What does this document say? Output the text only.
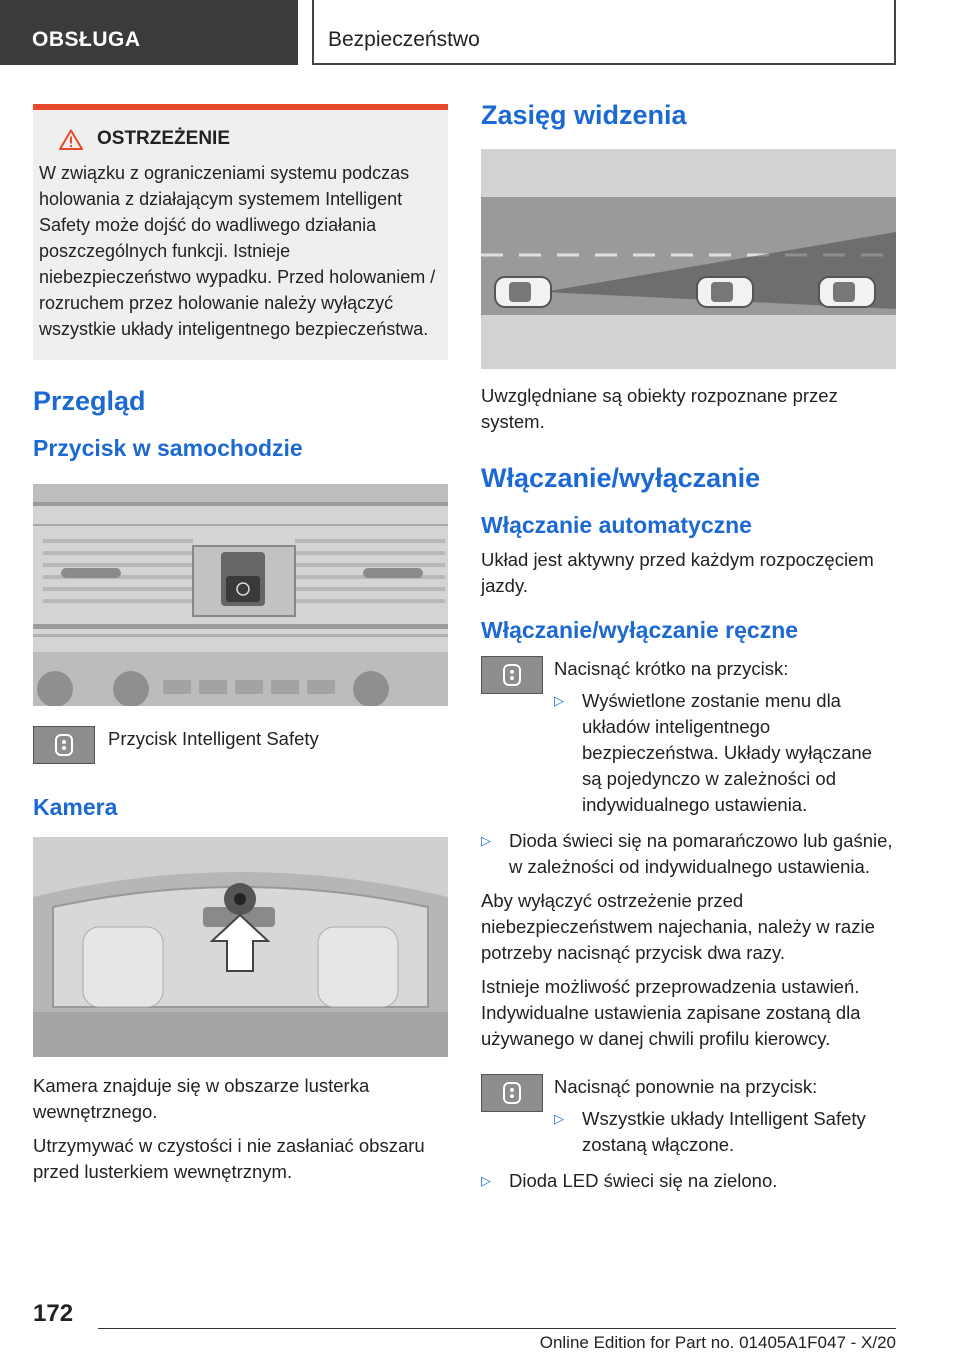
OBSŁUGA	Bezpieczeństwo
OSTRZEŻENIE

W związku z ograniczeniami systemu podczas holowania z działającym systemem Intelligent Safety może dojść do wadliwego działania poszczególnych funkcji. Istnieje niebezpieczeństwo wypadku. Przed holowaniem / rozruchem przez holowanie należy wyłączyć wszystkie układy inteligentnego bezpieczeństwa.

Przegląd
Przycisk w samochodzie

Przycisk Intelligent Safety

Kamera

Kamera znajduje się w obszarze lusterka wewnętrznego.

Utrzymywać w czystości i nie zasłaniać obszaru przed lusterkiem wewnętrznym.

Zasięg widzenia

Uwzględniane są obiekty rozpoznane przez system.

Włączanie/wyłączanie
Włączanie automatyczne

Układ jest aktywny przed każdym rozpoczęciem jazdy.

Włączanie/wyłączanie ręczne

Nacisnąć krótko na przycisk:

▷ Wyświetlone zostanie menu dla układów inteligentnego bezpieczeństwa. Układy wyłączane są pojedynczo w zależności od indywidualnego ustawienia.
▷ Dioda świeci się na pomarańczowo lub gaśnie, w zależności od indywidualnego ustawienia.

Aby wyłączyć ostrzeżenie przed niebezpieczeństwem najechania, należy w razie potrzeby nacisnąć przycisk dwa razy.

Istnieje możliwość przeprowadzenia ustawień. Indywidualne ustawienia zapisane zostaną dla używanego w danej chwili profilu kierowcy.

Nacisnąć ponownie na przycisk:

▷ Wszystkie układy Intelligent Safety zostaną włączone.
▷ Dioda LED świeci się na zielono.
172
Online Edition for Part no. 01405A1F047 - X/20
